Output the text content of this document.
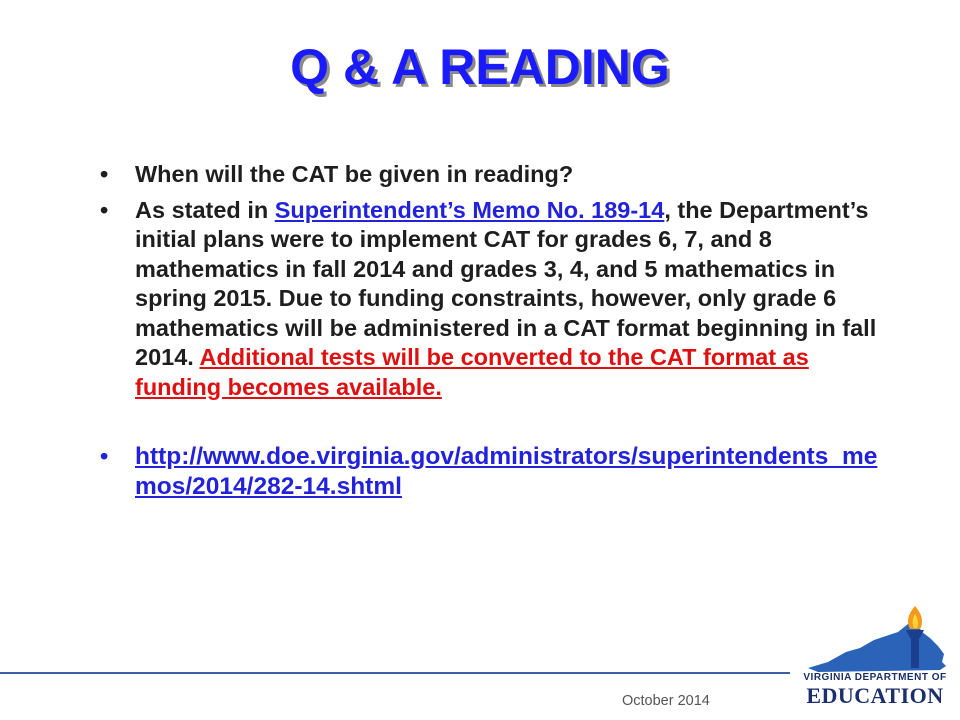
Q & A READING
• When will the CAT be given in reading?
• As stated in Superintendent’s Memo No. 189-14, the Department’s initial plans were to implement CAT for grades 6, 7, and 8 mathematics in fall 2014 and grades 3, 4, and 5 mathematics in spring 2015. Due to funding constraints, however, only grade 6 mathematics will be administered in a CAT format beginning in fall 2014. Additional tests will be converted to the CAT format as funding becomes available.
• http://www.doe.virginia.gov/administrators/superintendents_memos/2014/282-14.shtml
October 2014
VIRGINIA DEPARTMENT OF
EDUCATION
